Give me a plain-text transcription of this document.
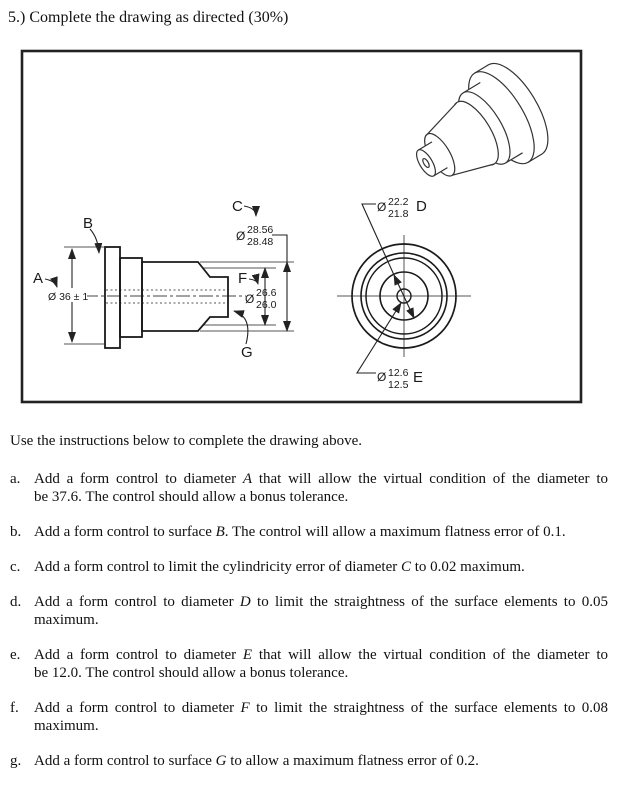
5.) Complete the drawing as directed (30%)
Ø 36 ± 1
A
B
C
F
G
Ø 28.56
28.48
Ø 26.6
26.0
Ø 22.2
21.8 D
Ø 12.6
12.5 E

Use the instructions below to complete the drawing above.

a. Add a form control to diameter A that will allow the virtual condition of the diameter to
be 37.6. The control should allow a bonus tolerance.
b. Add a form control to surface B. The control will allow a maximum flatness error of 0.1.
c. Add a form control to limit the cylindricity error of diameter C to 0.02 maximum.
d. Add a form control to diameter D to limit the straightness of the surface elements to 0.05
maximum.
e. Add a form control to diameter E that will allow the virtual condition of the diameter to
be 12.0. The control should allow a bonus tolerance.
f. Add a form control to diameter F to limit the straightness of the surface elements to 0.08
maximum.
g. Add a form control to surface G to allow a maximum flatness error of 0.2.
